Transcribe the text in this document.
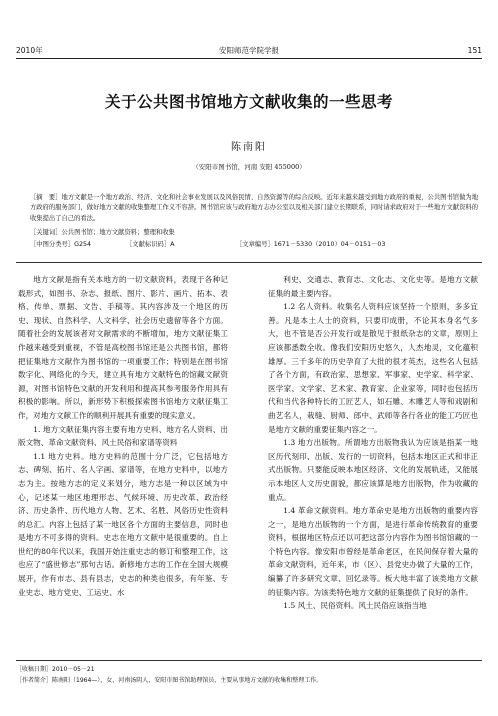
2010年	安阳师范学院学报	151
关于公共图书馆地方文献收集的一些思考
陈南阳
（安阳市图书馆，河南 安阳 455000）
［摘　要］地方文献是一个地方政治、经济、文化和社会事业发展以及风俗民情、自然资源等的综合反映。近年来越来越受到地方政府的重视，公共图书馆做为地方政府的服务部门，做好地方文献的收集整理工作义不容辞。图书馆应该与政府地方志办公室以及相关部门建立长期联系，同时请求政府对于一些地方文献资料的收集提出了自己的看法。
［关键词］公共图书馆；地方文献资料；整理和收集
［中图分类号］G254	［文献标识码］A	［文章编号］1671－5330（2010）04－0151－03

地方文献是指有关本地方的一切文献资料，表现于各种记载形式，如图书、杂志、报纸、图片、影片、画片、拓本、表格、传单、票据、文告、手稿等。其内容涉及一个地区的历史、现状、自然科学、人文科学、社会历史遗留等各个方面。随着社会的发展该者对文献需求的不断增加，地方文献征集工作越来越受到重视，不管是高校图书馆还是公共图书馆，都将把征集地方文献作为图书馆的一项重要工作；特别是在图书馆数字化、网络化的今天，建立具有地方文献特色的馆藏文献资源，对图书馆特色文献的开发利用和提高其参考服务作用具有积极的影响。所以，新形势下积极探索图书馆地方文献征集工作，对地方文献工作的顺利开展具有重要的现实意义。

1. 地方文献征集内容主要有地方史料、地方名人资料、出版文物、革命文献资料、风土民俗和家谱等资料

1.1 地方史料。地方史料的范围十分广泛，它包括地方志、碑刻、拓片、名人字画、家谱等，在地方史料中，以地方志为主。按地方志的定义来划分，地方志是一种以区域为中心，记述某一地区地理形志、气候环境、历史改革、政治经济、历史条件、历代地方人物、艺术、名胜、风俗历史性资料的总汇。内容上包括了某一地区各个方面的主要信息，同时也是地方不可多得的资料。史志在地方文献中是很重要的。自上世纪的80年代以来，我国开始注重史志的修订和整理工作，这也应了“盛世修志”那句古话。新修地方志的工作在全国大规模展开，作有市志、县有县志，史志的种类也很多，有年鉴、专业史志、地方党史、工运史、水

利史、交通志、教育志、文化志、文化史等。是地方文献征集的最主要内容。

1.2 名人资料。收集名人资料应该坚持一个原则，多多宜善。凡是本土人士的资料，只要印成册，不论其本身名气多大，也不管是否公开发行或是散见于报纸杂志的文章，原则上应该都悉数全收。像我们安阳历史悠久，人杰地灵，文化蕴积雄厚。三千多年的历史孕育了大批的很才英杰，这些名人包括了各个方面，有政治家、思想家、军事家、史学家、科学家、医学家、文学家、艺术家、教育家、企业家等，同时也包括历代和当代各种特长的工匠艺人，如石雕、木雕艺人等和戏剧和曲艺名人，栽缝、厨师、郎中、武师等各行各业的能工巧匠也是地方文献的重要征集内容之一。

1.3 地方出版物。所谓地方出版物我认为应该是指某一地区历代刻印、出版、发行的一切资料，包括本地区正式和非正式出版物。只要能反映本地区经济、文化的发展轨迹，又能展示本地区人文历史面貌，都应该算是地方出版物，作为收藏的重点。

1.4 革命文献资料。地方革命史是地方出版物的重要内容之一，是地方出版物的一个方面，是进行革命传统教育的重要资料，根据地区特点还以可把这部分内容作为图书馆馆藏的一个特色内容。像安阳市曾经是革命老区，在民间保存着大量的革命文献资料，近年来，市（区）、县党史办做了大量的工作，编纂了许多研究文章、回忆录等。板大地丰富了该类地方文献的征集内容。为该类特色地方文献的征集提供了良好的条件。

1.5 风土、民俗资料。风土民俗应该指当地

［收稿日期］2010－05－21
［作者简介］陈南阳（1964—），女，河南汤阴人，安阳市图书馆助理馆员，主要从事地方文献的收集和整理工作。
